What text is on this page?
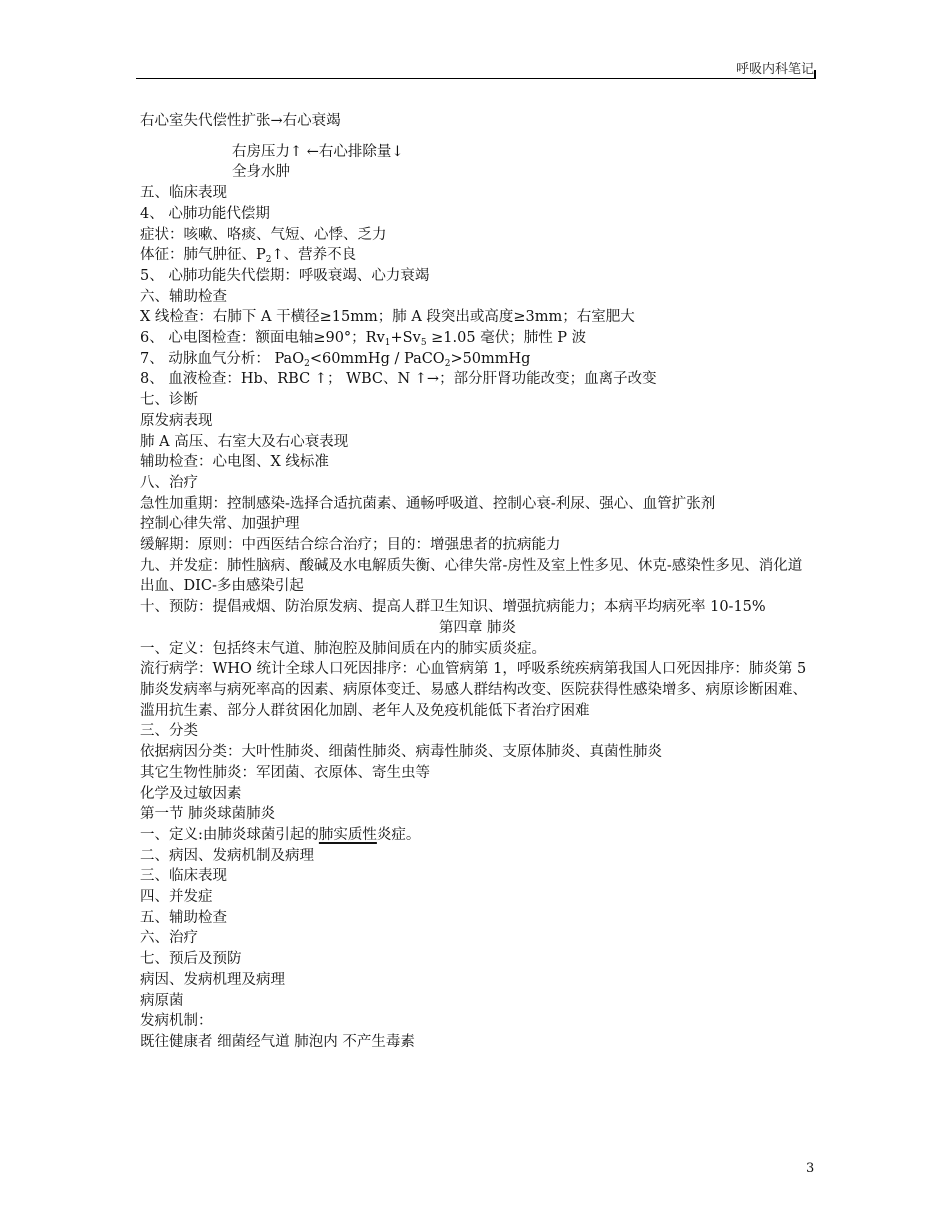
呼吸内科笔记
右心室失代偿性扩张→右心衰竭
右房压力↑ ←右心排除量↓
全身水肿
五、临床表现
4、 心肺功能代偿期
症状：咳嗽、咯痰、气短、心悸、乏力
体征：肺气肿征、$P_2↑$、营养不良
5、 心肺功能失代偿期：呼吸衰竭、心力衰竭
六、辅助检查
X 线检查：右肺下 A 干横径≥15mm；肺 A 段突出或高度≥3mm；右室肥大
6、 心电图检查：额面电轴≥90°；$Rv_1+Sv_5 \ge 1.05$ 毫伏；肺性 P 波
7、 动脉血气分析： PaO$_2$<60mmHg / PaCO$_2$>50mmHg
8、 血液检查：Hb、RBC ↑； WBC、N ↑→；部分肝肾功能改变；血离子改变
七、诊断
原发病表现
肺 A 高压、右室大及右心衰表现
辅助检查：心电图、X 线标准
八、治疗
急性加重期：控制感染-选择合适抗菌素、通畅呼吸道、控制心衰-利尿、强心、血管扩张剂
控制心律失常、加强护理
缓解期：原则：中西医结合综合治疗；目的：增强患者的抗病能力
九、并发症：肺性脑病、酸碱及水电解质失衡、心律失常-房性及室上性多见、休克-感染性多见、消化道出血、DIC-多由感染引起
十、预防：提倡戒烟、防治原发病、提高人群卫生知识、增强抗病能力；本病平均病死率 10-15%
第四章 肺炎
一、定义：包括终末气道、肺泡腔及肺间质在内的肺实质炎症。
流行病学：WHO 统计全球人口死因排序：心血管病第 1，呼吸系统疾病第我国人口死因排序：肺炎第 5
肺炎发病率与病死率高的因素、病原体变迁、易感人群结构改变、医院获得性感染增多、病原诊断困难、滥用抗生素、部分人群贫困化加剧、老年人及免疫机能低下者治疗困难
三、分类
依据病因分类：大叶性肺炎、细菌性肺炎、病毒性肺炎、支原体肺炎、真菌性肺炎
其它生物性肺炎：军团菌、衣原体、寄生虫等
化学及过敏因素
第一节 肺炎球菌肺炎
一、定义:由肺炎球菌引起的肺实质性炎症。
二、病因、发病机制及病理
三、临床表现
四、并发症
五、辅助检查
六、治疗
七、预后及预防
病因、发病机理及病理
病原菌
发病机制：
既往健康者 细菌经气道 肺泡内 不产生毒素
3
